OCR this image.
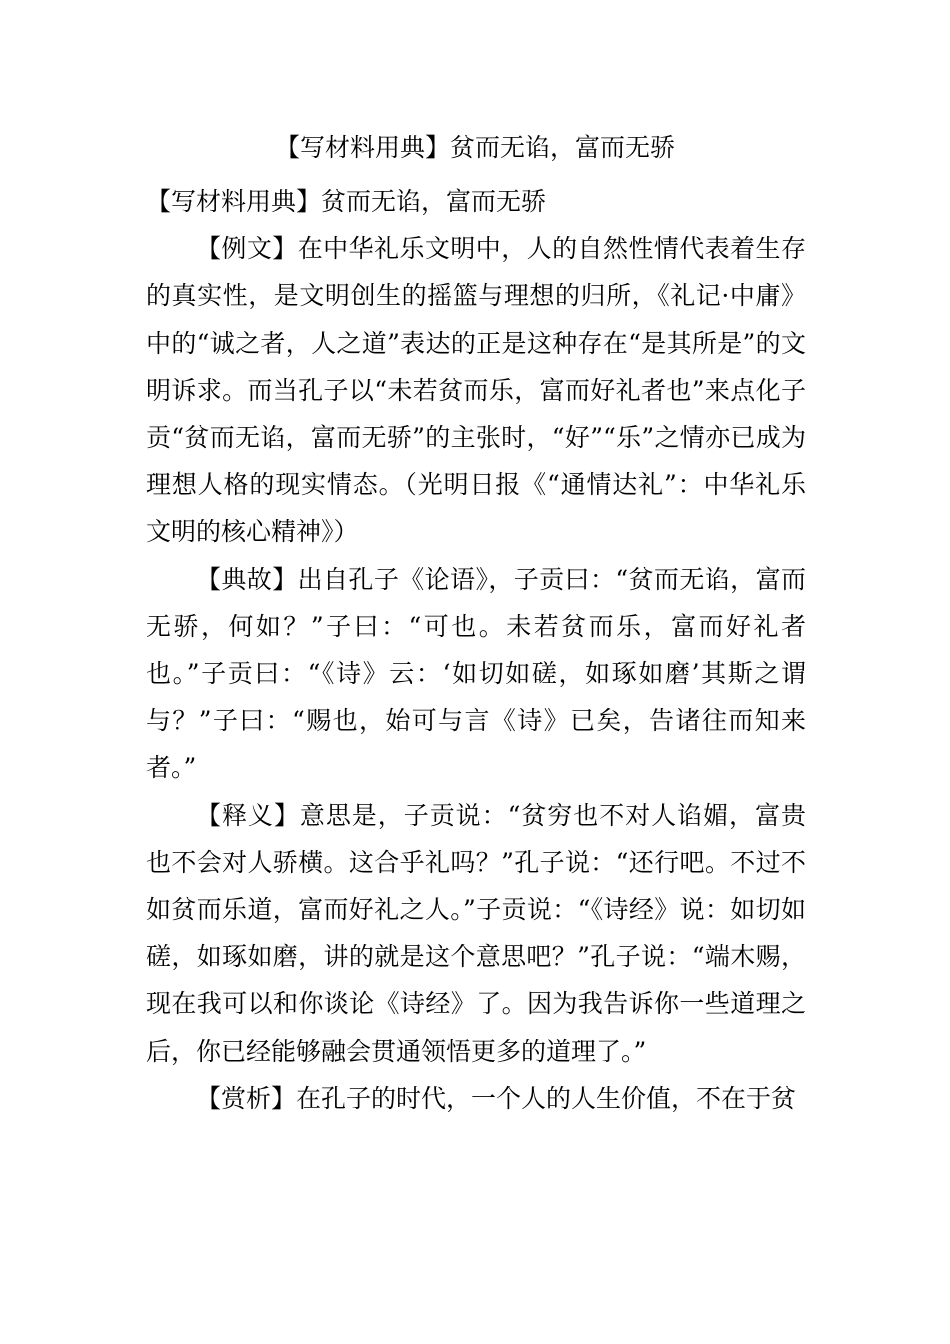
【写材料用典】贫而无谄，富而无骄

【写材料用典】贫而无谄，富而无骄

【例文】在中华礼乐文明中，人的自然性情代表着生存的真实性，是文明创生的摇篮与理想的归所，《礼记·中庸》中的“诚之者，人之道”表达的正是这种存在“是其所是”的文明诉求。而当孔子以“未若贫而乐，富而好礼者也”来点化子贡“贫而无谄，富而无骄”的主张时，“好”“乐”之情亦已成为理想人格的现实情态。（光明日报《“通情达礼”：中华礼乐文明的核心精神》）

【典故】出自孔子《论语》，子贡曰：“贫而无谄，富而无骄，何如？”子曰：“可也。未若贫而乐，富而好礼者也。”子贡曰：“《诗》云：‘如切如磋，如琢如磨’其斯之谓与？”子曰：“赐也，始可与言《诗》已矣，告诸往而知来者。”

【释义】意思是，子贡说：“贫穷也不对人谄媚，富贵也不会对人骄横。这合乎礼吗？”孔子说：“还行吧。不过不如贫而乐道，富而好礼之人。”子贡说：“《诗经》说：如切如磋，如琢如磨，讲的就是这个意思吧？”孔子说：“端木赐，现在我可以和你谈论《诗经》了。因为我告诉你一些道理之后，你已经能够融会贯通领悟更多的道理了。”

【赏析】在孔子的时代，一个人的人生价值，不在于贫
